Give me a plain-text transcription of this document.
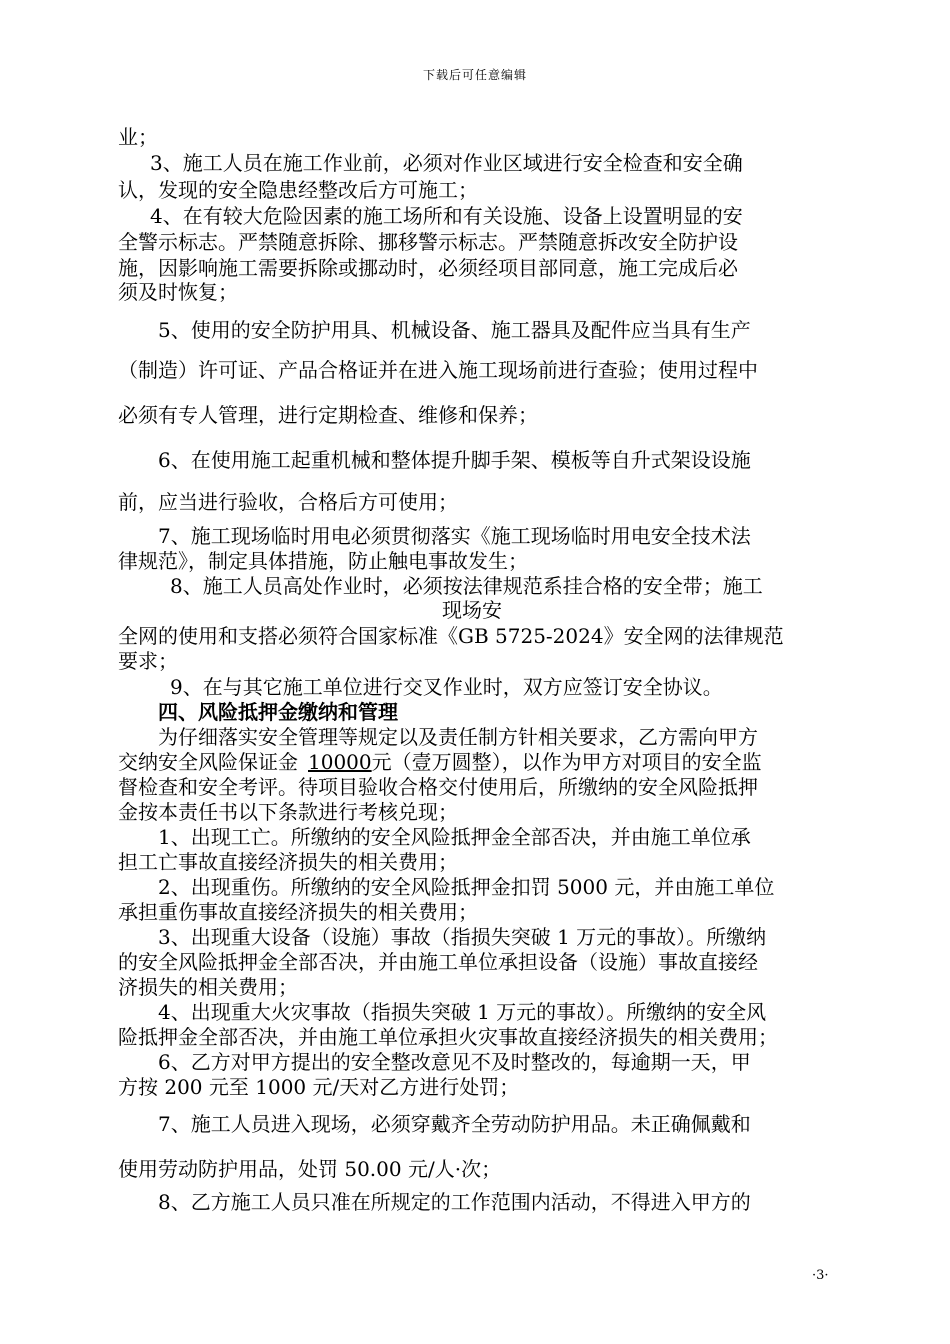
下载后可任意编辑
业；
3、施工人员在施工作业前，必须对作业区域进行安全检查和安全确
认，发现的安全隐患经整改后方可施工；
4、在有较大危险因素的施工场所和有关设施、设备上设置明显的安
全警示标志。严禁随意拆除、挪移警示标志。严禁随意拆改安全防护设
施，因影响施工需要拆除或挪动时，必须经项目部同意，施工完成后必
须及时恢复；
5、使用的安全防护用具、机械设备、施工器具及配件应当具有生产
（制造）许可证、产品合格证并在进入施工现场前进行查验；使用过程中
必须有专人管理，进行定期检查、维修和保养；
6、在使用施工起重机械和整体提升脚手架、模板等自升式架设设施
前，应当进行验收，合格后方可使用；
7、施工现场临时用电必须贯彻落实《施工现场临时用电安全技术法
律规范》，制定具体措施，防止触电事故发生；
8、施工人员高处作业时，必须按法律规范系挂合格的安全带；施工
现场安
全网的使用和支搭必须符合国家标准《GB 5725-2024》安全网的法律规范
要求；
9、在与其它施工单位进行交叉作业时，双方应签订安全协议。
四、风险抵押金缴纳和管理
为仔细落实安全管理等规定以及责任制方针相关要求，乙方需向甲方
交纳安全风险保证金 10000元（壹万圆整），以作为甲方对项目的安全监
督检查和安全考评。待项目验收合格交付使用后，所缴纳的安全风险抵押
金按本责任书以下条款进行考核兑现；
1、出现工亡。所缴纳的安全风险抵押金全部否决，并由施工单位承
担工亡事故直接经济损失的相关费用；
2、出现重伤。所缴纳的安全风险抵押金扣罚 5000 元，并由施工单位
承担重伤事故直接经济损失的相关费用；
3、出现重大设备（设施）事故（指损失突破 1 万元的事故）。所缴纳
的安全风险抵押金全部否决，并由施工单位承担设备（设施）事故直接经
济损失的相关费用；
4、出现重大火灾事故（指损失突破 1 万元的事故）。所缴纳的安全风
险抵押金全部否决，并由施工单位承担火灾事故直接经济损失的相关费用；
6、乙方对甲方提出的安全整改意见不及时整改的，每逾期一天，甲
方按 200 元至 1000 元/天对乙方进行处罚；
7、施工人员进入现场，必须穿戴齐全劳动防护用品。未正确佩戴和
使用劳动防护用品，处罚 50.00 元/人·次；
8、乙方施工人员只准在所规定的工作范围内活动，不得进入甲方的
·3·
